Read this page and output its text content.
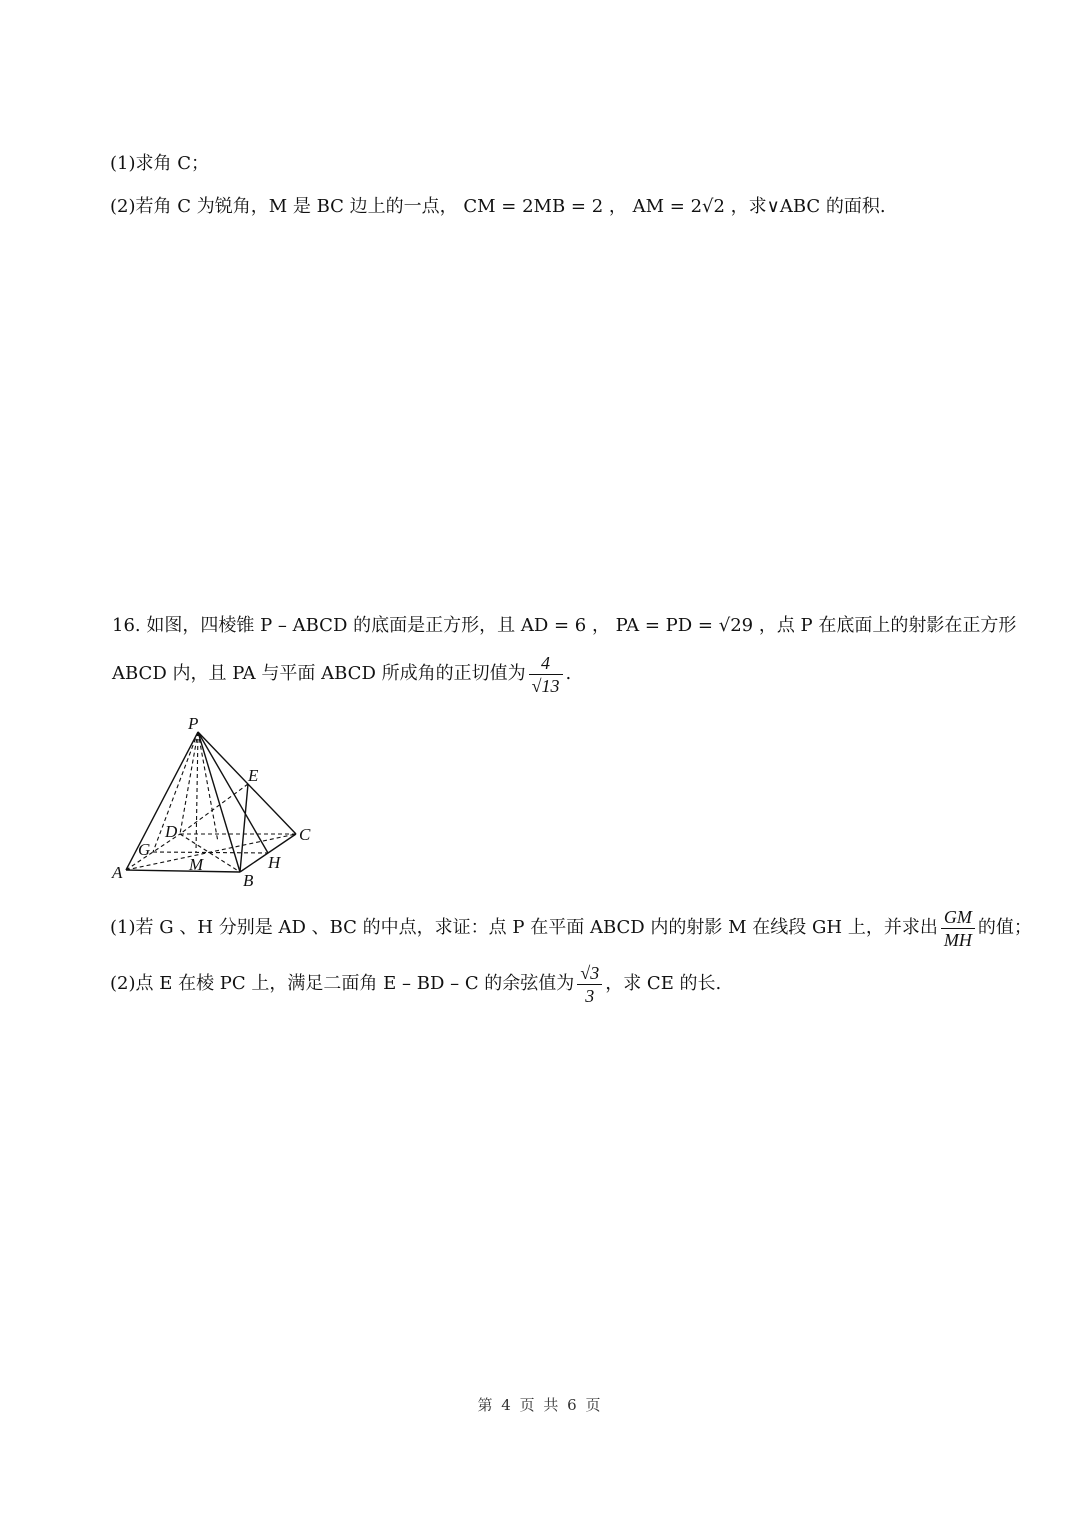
(1)求角 C；
(2)若角 C 为锐角，M 是 BC 边上的一点， CM = 2MB = 2 ， AM = 2√2 ，求∨ABC 的面积.
16. 如图，四棱锥 P – ABCD 的底面是正方形，且 AD = 6 ， PA = PD = √29 ，点 P 在底面上的射影在正方形
ABCD 内，且 PA 与平面 ABCD 所成角的正切值为 $\frac{4}{√13}$ .
P
E
D	C
G
H
M
A	B
(1)若 G 、H 分别是 AD 、BC 的中点，求证：点 P 在平面 ABCD 内的射影 M 在线段 GH 上，并求出 $\frac{GM}{MH}$ 的值；
(2)点 E 在棱 PC 上，满足二面角 E – BD – C 的余弦值为 $\frac{√3}{3}$ ，求 CE 的长.
第 4 页 共 6 页
